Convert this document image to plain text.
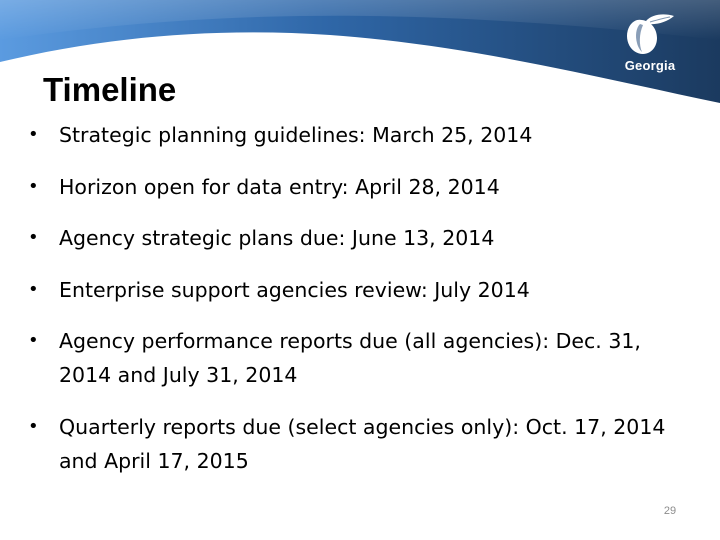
Georgia
Timeline
• Strategic planning guidelines: March 25, 2014
• Horizon open for data entry: April 28, 2014
• Agency strategic plans due: June 13, 2014
• Enterprise support agencies review: July 2014
• Agency performance reports due (all agencies): Dec. 31, 2014 and July 31, 2014
• Quarterly reports due (select agencies only): Oct. 17, 2014 and April 17, 2015
29
